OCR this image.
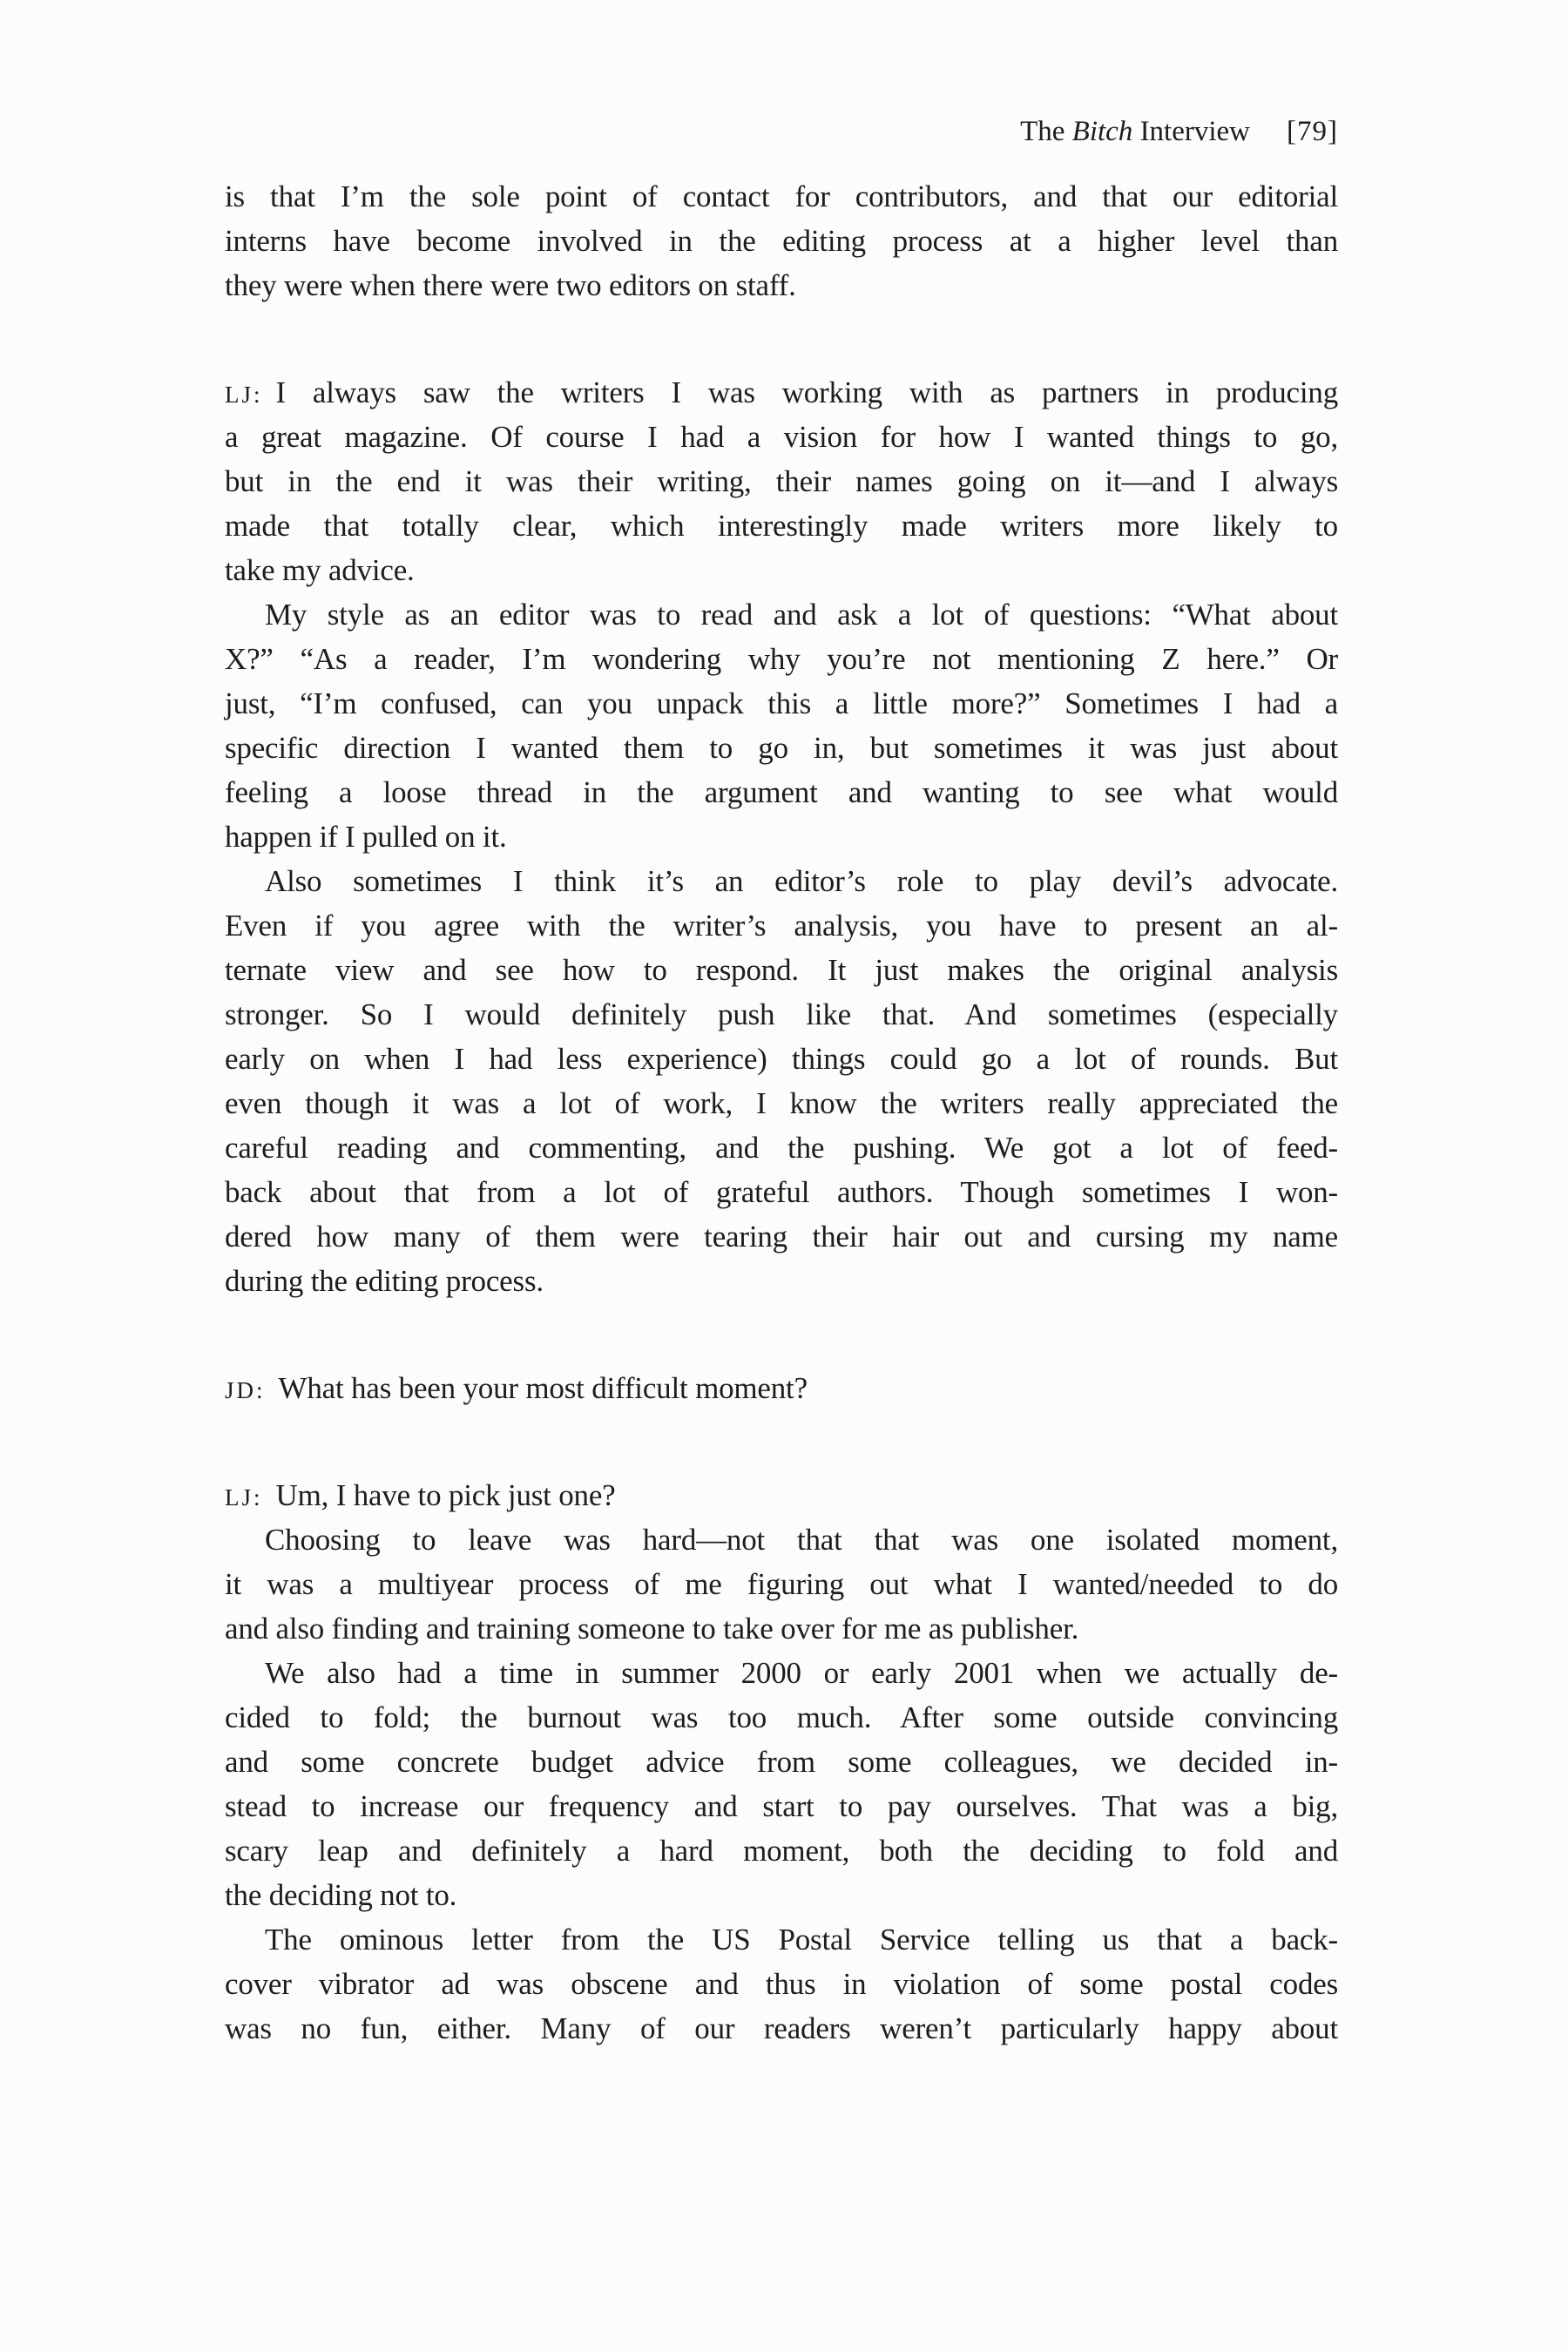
The Bitch Interview [79]
is that I’m the sole point of contact for contributors, and that our editorial
interns have become involved in the editing process at a higher level than
they were when there were two editors on staff.
LJ: I always saw the writers I was working with as partners in producing
a great magazine. Of course I had a vision for how I wanted things to go,
but in the end it was their writing, their names going on it—and I always
made that totally clear, which interestingly made writers more likely to
take my advice.
My style as an editor was to read and ask a lot of questions: “What about
X?” “As a reader, I’m wondering why you’re not mentioning Z here.” Or
just, “I’m confused, can you unpack this a little more?” Sometimes I had a
specific direction I wanted them to go in, but sometimes it was just about
feeling a loose thread in the argument and wanting to see what would
happen if I pulled on it.
Also sometimes I think it’s an editor’s role to play devil’s advocate.
Even if you agree with the writer’s analysis, you have to present an al-
ternate view and see how to respond. It just makes the original analysis
stronger. So I would definitely push like that. And sometimes (especially
early on when I had less experience) things could go a lot of rounds. But
even though it was a lot of work, I know the writers really appreciated the
careful reading and commenting, and the pushing. We got a lot of feed-
back about that from a lot of grateful authors. Though sometimes I won-
dered how many of them were tearing their hair out and cursing my name
during the editing process.
JD: What has been your most difficult moment?
LJ: Um, I have to pick just one?
Choosing to leave was hard—not that that was one isolated moment,
it was a multiyear process of me figuring out what I wanted/needed to do
and also finding and training someone to take over for me as publisher.
We also had a time in summer 2000 or early 2001 when we actually de-
cided to fold; the burnout was too much. After some outside convincing
and some concrete budget advice from some colleagues, we decided in-
stead to increase our frequency and start to pay ourselves. That was a big,
scary leap and definitely a hard moment, both the deciding to fold and
the deciding not to.
The ominous letter from the US Postal Service telling us that a back-
cover vibrator ad was obscene and thus in violation of some postal codes
was no fun, either. Many of our readers weren’t particularly happy about
